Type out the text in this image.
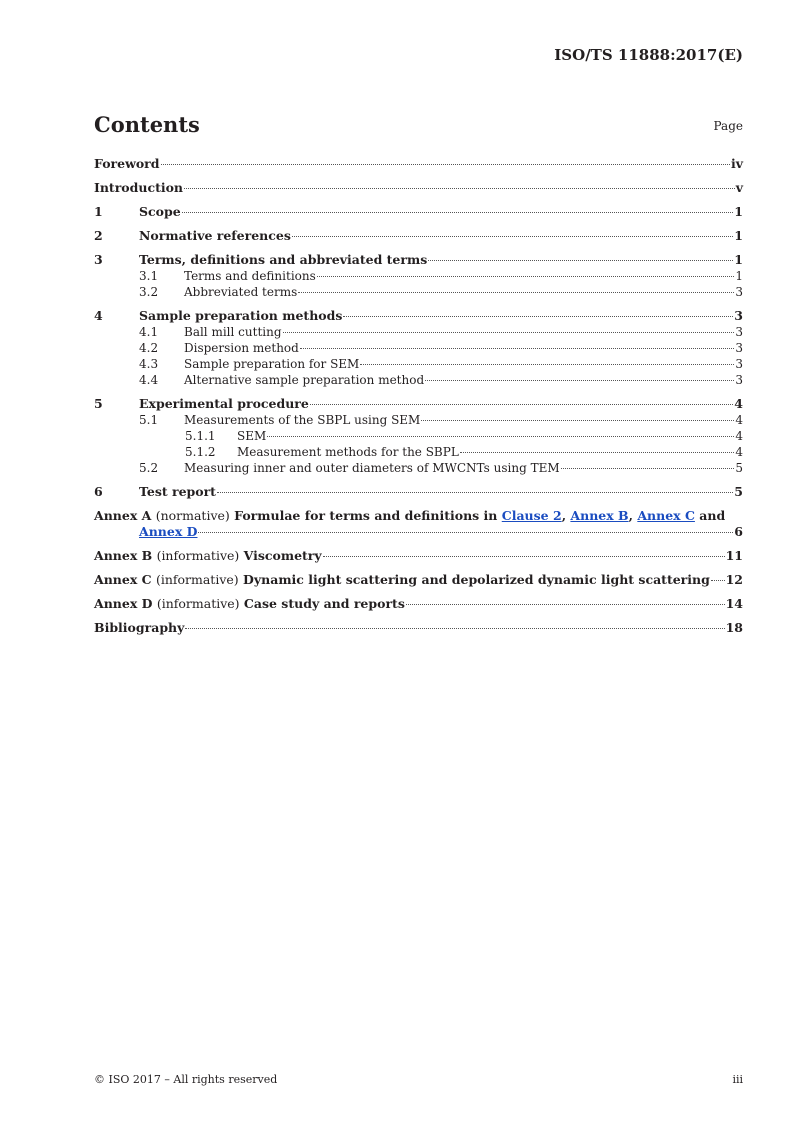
ISO/TS 11888:2017(E)
Contents	Page
Foreword	iv
Introduction	v
1	Scope	1
2	Normative references	1
3	Terms, definitions and abbreviated terms	1
3.1	Terms and definitions	1
3.2	Abbreviated terms	3
4	Sample preparation methods	3
4.1	Ball mill cutting	3
4.2	Dispersion method	3
4.3	Sample preparation for SEM	3
4.4	Alternative sample preparation method	3
5	Experimental procedure	4
5.1	Measurements of the SBPL using SEM	4
5.1.1	SEM	4
5.1.2	Measurement methods for the SBPL	4
5.2	Measuring inner and outer diameters of MWCNTs using TEM	5
6	Test report	5
Annex A (normative) Formulae for terms and definitions in Clause 2, Annex B, Annex C and
Annex D	6
Annex B (informative) Viscometry	11
Annex C (informative) Dynamic light scattering and depolarized dynamic light scattering 12
Annex D (informative) Case study and reports	14
Bibliography	18
© ISO 2017 – All rights reserved	iii
